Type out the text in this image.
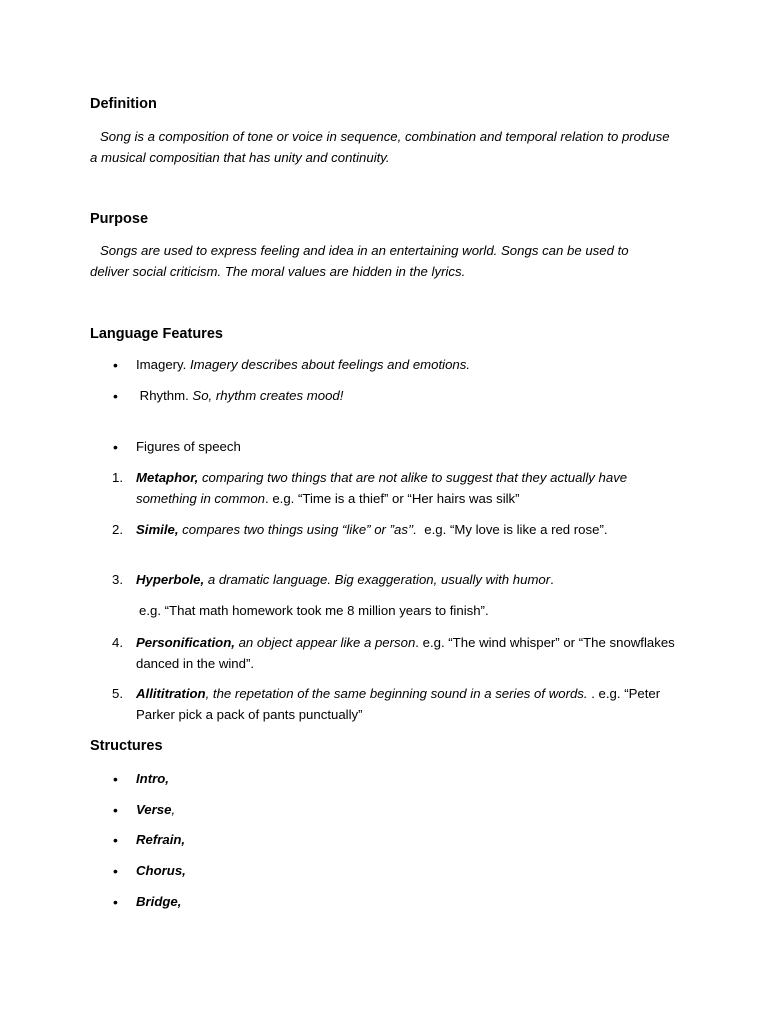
Definition
Song is a composition of tone or voice in sequence, combination and temporal relation to produse a musical compositian that has unity and continuity.
Purpose
Songs are used to express feeling and idea in an entertaining world. Songs can be used to deliver social criticism. The moral values are hidden in the lyrics.
Language Features
• Imagery. Imagery describes about feelings and emotions.
• Rhythm. So, rhythm creates mood!
• Figures of speech
1. Metaphor, comparing two things that are not alike to suggest that they actually have something in common. e.g. “Time is a thief” or “Her hairs was silk”
2. Simile, compares two things using “like” or ”as’’.  e.g. “My love is like a red rose”.
3. Hyperbole, a dramatic language. Big exaggeration, usually with humor.
e.g. “That math homework took me 8 million years to finish”.
4. Personification, an object appear like a person. e.g. “The wind whisper” or “The snowflakes danced in the wind”.
5. Allititration, the repetation of the same beginning sound in a series of words. . e.g. “Peter Parker pick a pack of pants punctually”
Structures
• Intro,
• Verse,
• Refrain,
• Chorus,
• Bridge,
